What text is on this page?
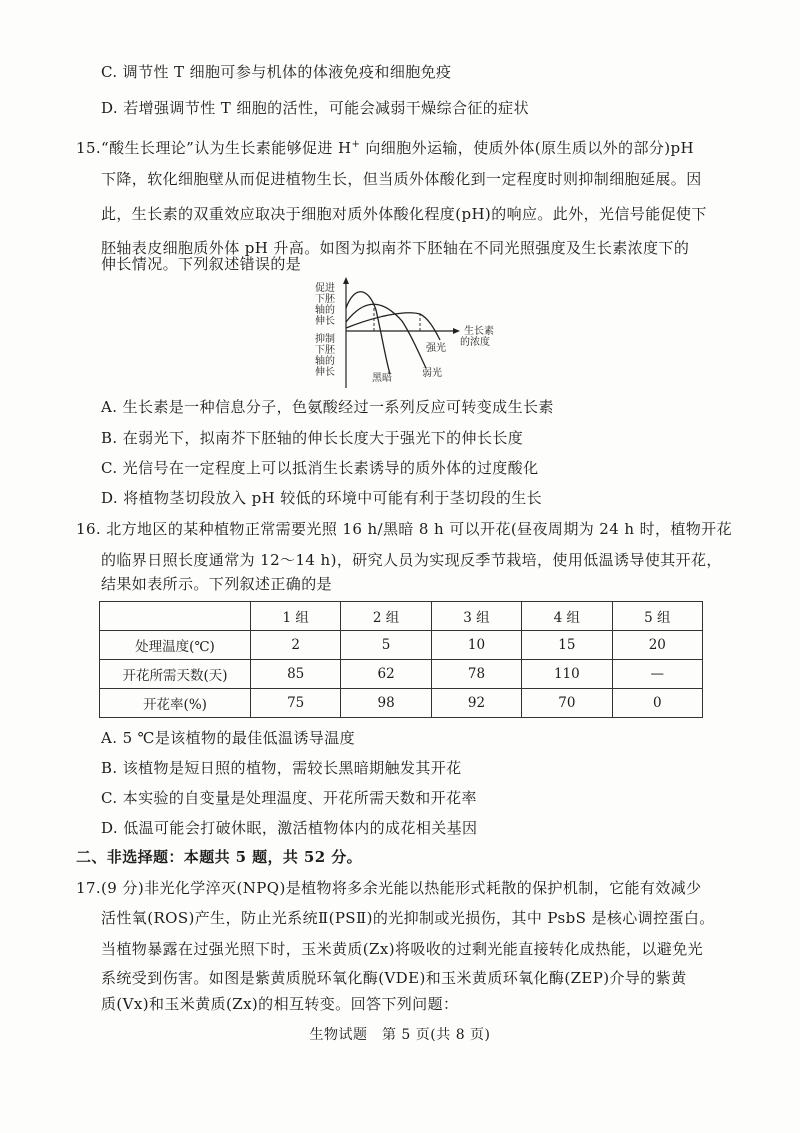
C. 调节性 T 细胞可参与机体的体液免疫和细胞免疫
D. 若增强调节性 T 细胞的活性，可能会减弱干燥综合征的症状
15.“酸生长理论”认为生长素能够促进 H+ 向细胞外运输，使质外体(原生质以外的部分)pH
下降，软化细胞壁从而促进植物生长，但当质外体酸化到一定程度时则抑制细胞延展。因
此，生长素的双重效应取决于细胞对质外体酸化程度(pH)的响应。此外，光信号能促使下
胚轴表皮细胞质外体 pH 升高。如图为拟南芥下胚轴在不同光照强度及生长素浓度下的
伸长情况。下列叙述错误的是
促进
下胚
轴的
伸长
抑制
下胚
轴的
伸长
生长素
的浓度
强光
黑暗	弱光
A. 生长素是一种信息分子，色氨酸经过一系列反应可转变成生长素
B. 在弱光下，拟南芥下胚轴的伸长长度大于强光下的伸长长度
C. 光信号在一定程度上可以抵消生长素诱导的质外体的过度酸化
D. 将植物茎切段放入 pH 较低的环境中可能有利于茎切段的生长
16. 北方地区的某种植物正常需要光照 16 h/黑暗 8 h 可以开花(昼夜周期为 24 h 时，植物开花
的临界日照长度通常为 12～14 h)，研究人员为实现反季节栽培，使用低温诱导使其开花，
结果如表所示。下列叙述正确的是
	1 组	2 组	3 组	4 组	5 组
处理温度(℃)	2	5	10	15	20
开花所需天数(天)	85	62	78	110	—
开花率(%)	75	98	92	70	0
A. 5 ℃是该植物的最佳低温诱导温度
B. 该植物是短日照的植物，需较长黑暗期触发其开花
C. 本实验的自变量是处理温度、开花所需天数和开花率
D. 低温可能会打破休眠，激活植物体内的成花相关基因
二、非选择题：本题共 5 题，共 52 分。
17.(9 分)非光化学淬灭(NPQ)是植物将多余光能以热能形式耗散的保护机制，它能有效减少
活性氧(ROS)产生，防止光系统Ⅱ(PSⅡ)的光抑制或光损伤，其中 PsbS 是核心调控蛋白。
当植物暴露在过强光照下时，玉米黄质(Zx)将吸收的过剩光能直接转化成热能，以避免光
系统受到伤害。如图是紫黄质脱环氧化酶(VDE)和玉米黄质环氧化酶(ZEP)介导的紫黄
质(Vx)和玉米黄质(Zx)的相互转变。回答下列问题：
生物试题　第 5 页(共 8 页)
